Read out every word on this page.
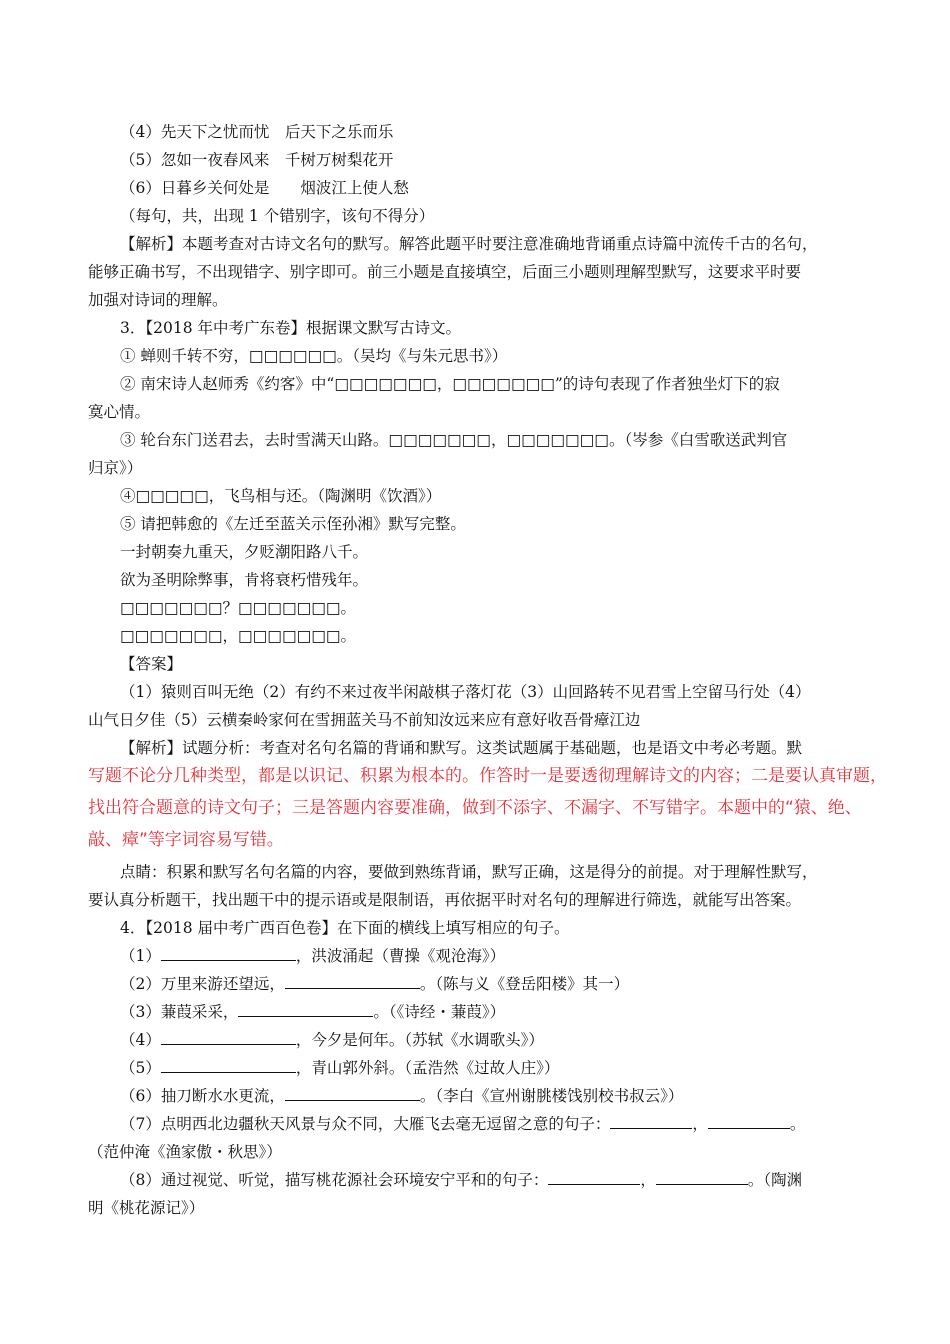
（4）先天下之忧而忧　后天下之乐而乐
（5）忽如一夜春风来　千树万树梨花开
（6）日暮乡关何处是　　烟波江上使人愁
（每句，共，出现 1 个错别字，该句不得分）
【解析】本题考查对古诗文名句的默写。解答此题平时要注意准确地背诵重点诗篇中流传千古的名句，
能够正确书写，不出现错字、别字即可。前三小题是直接填空，后面三小题则理解型默写，这要求平时要
加强对诗词的理解。
3．【2018 年中考广东卷】根据课文默写古诗文。
① 蝉则千转不穷，□□□□□□。（吴均《与朱元思书》）
② 南宋诗人赵师秀《约客》中“□□□□□□□，□□□□□□□”的诗句表现了作者独坐灯下的寂
寞心情。
③ 轮台东门送君去，去时雪满天山路。□□□□□□□，□□□□□□□。（岑参《白雪歌送武判官
归京》）
④□□□□□，飞鸟相与还。（陶渊明《饮酒》）
⑤ 请把韩愈的《左迁至蓝关示侄孙湘》默写完整。
一封朝奏九重天，夕贬潮阳路八千。
欲为圣明除弊事，肯将衰朽惜残年。
□□□□□□□？□□□□□□□。
□□□□□□□，□□□□□□□。
【答案】
（1）猿则百叫无绝（2）有约不来过夜半闲敲棋子落灯花（3）山回路转不见君雪上空留马行处（4）
山气日夕佳（5）云横秦岭家何在雪拥蓝关马不前知汝远来应有意好收吾骨瘴江边
【解析】试题分析：考查对名句名篇的背诵和默写。这类试题属于基础题，也是语文中考必考题。默
写题不论分几种类型，都是以识记、积累为根本的。作答时一是要透彻理解诗文的内容；二是要认真审题，
找出符合题意的诗文句子；三是答题内容要准确，做到不添字、不漏字、不写错字。本题中的“猿、绝、
敲、瘴”等字词容易写错。
点睛：积累和默写名句名篇的内容，要做到熟练背诵，默写正确，这是得分的前提。对于理解性默写，
要认真分析题干，找出题干中的提示语或是限制语，再依据平时对名句的理解进行筛选，就能写出答案。
4．【2018 届中考广西百色卷】在下面的横线上填写相应的句子。
（1）	，洪波涌起（曹操《观沧海》）
（2）万里来游还望远，	。（陈与义《登岳阳楼》其一）
（3）蒹葭采采，	。（《诗经・蒹葭》）
（4）	，今夕是何年。（苏轼《水调歌头》）
（5）	，青山郭外斜。（孟浩然《过故人庄》）
（6）抽刀断水水更流，	。（李白《宣州谢朓楼饯别校书叔云》）
（7）点明西北边疆秋天风景与众不同，大雁飞去毫无逗留之意的句子：	，	。
（范仲淹《渔家傲・秋思》）
（8）通过视觉、听觉，描写桃花源社会环境安宁平和的句子：	，	。（陶渊
明《桃花源记》）
